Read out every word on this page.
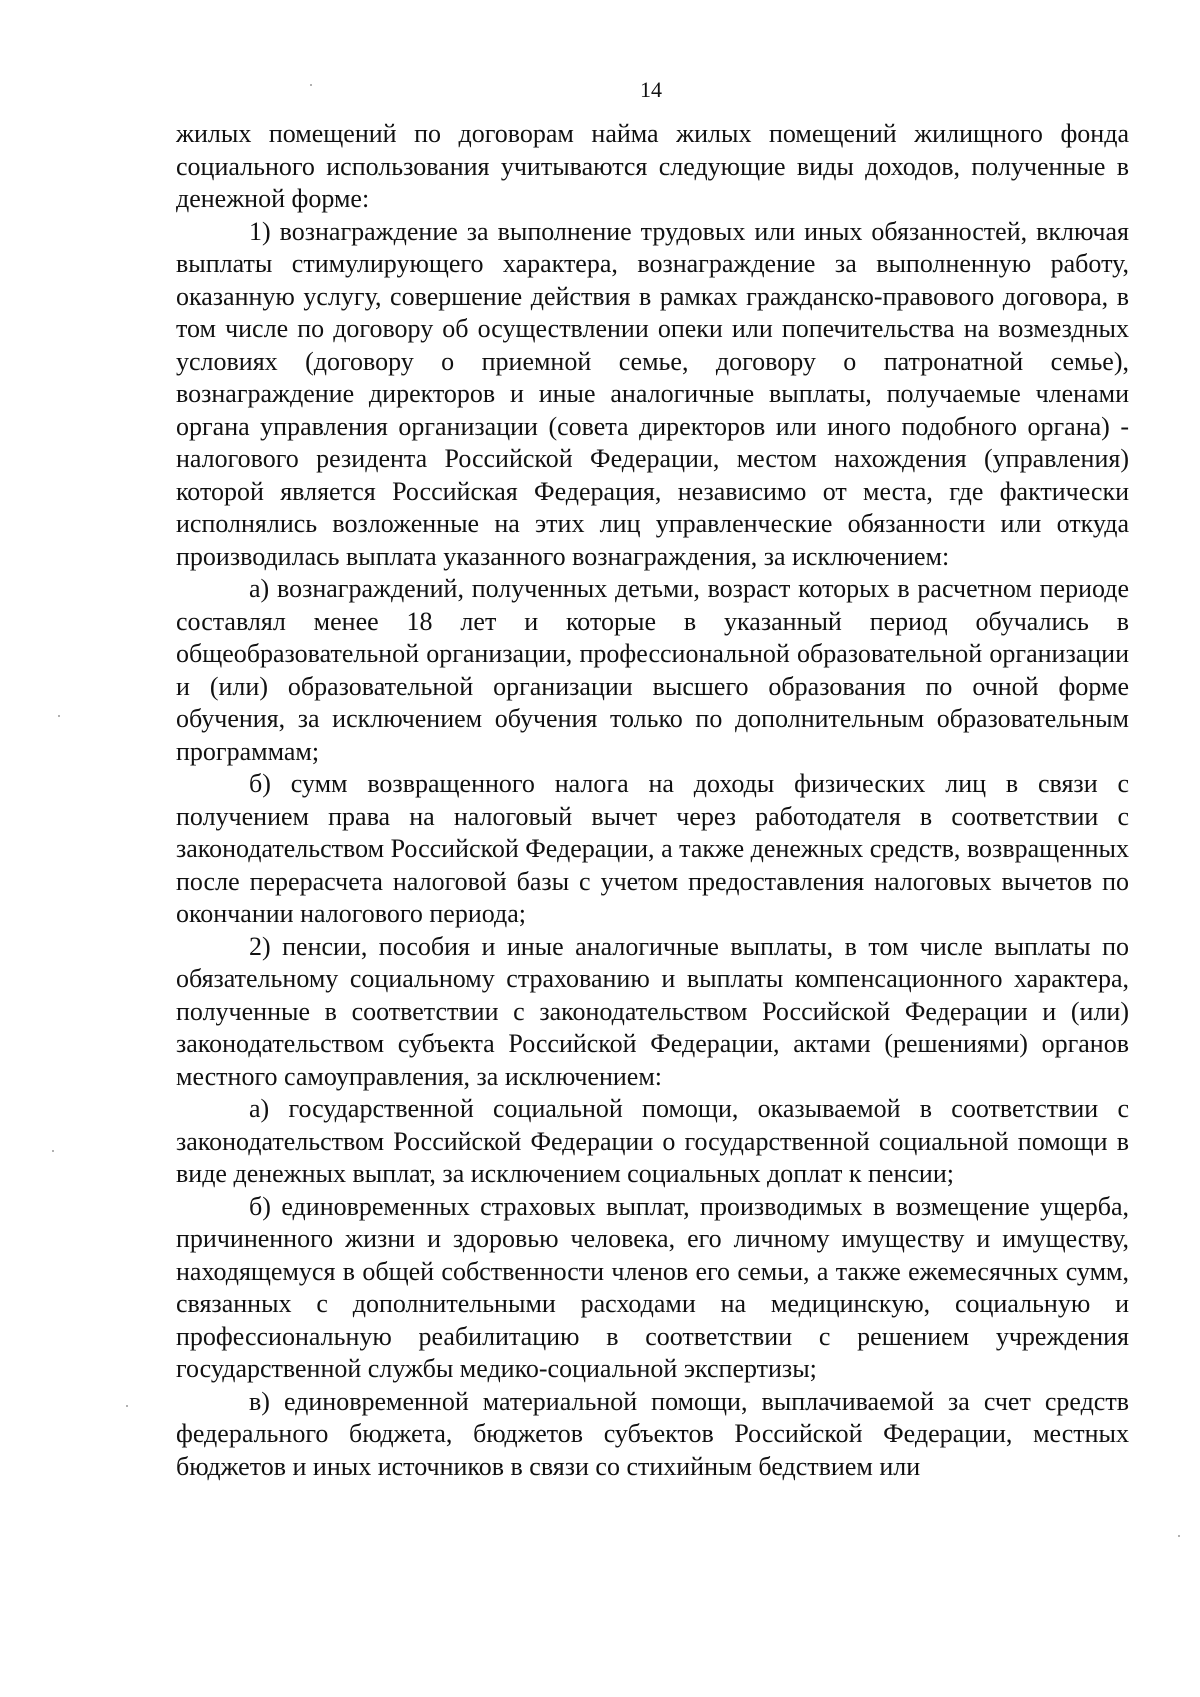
14

жилых помещений по договорам найма жилых помещений жилищного фонда социального использования учитываются следующие виды доходов, полученные в денежной форме:

1) вознаграждение за выполнение трудовых или иных обязанностей, включая выплаты стимулирующего характера, вознаграждение за выполненную работу, оказанную услугу, совершение действия в рамках гражданско-правового договора, в том числе по договору об осуществлении опеки или попечительства на возмездных условиях (договору о приемной семье, договору о патронатной семье), вознаграждение директоров и иные аналогичные выплаты, получаемые членами органа управления организации (совета директоров или иного подобного органа) - налогового резидента Российской Федерации, местом нахождения (управления) которой является Российская Федерация, независимо от места, где фактически исполнялись возложенные на этих лиц управленческие обязанности или откуда производилась выплата указанного вознаграждения, за исключением:

а) вознаграждений, полученных детьми, возраст которых в расчетном периоде составлял менее 18 лет и которые в указанный период обучались в общеобразовательной организации, профессиональной образовательной организации и (или) образовательной организации высшего образования по очной форме обучения, за исключением обучения только по дополнительным образовательным программам;

б) сумм возвращенного налога на доходы физических лиц в связи с получением права на налоговый вычет через работодателя в соответствии с законодательством Российской Федерации, а также денежных средств, возвращенных после перерасчета налоговой базы с учетом предоставления налоговых вычетов по окончании налогового периода;

2) пенсии, пособия и иные аналогичные выплаты, в том числе выплаты по обязательному социальному страхованию и выплаты компенсационного характера, полученные в соответствии с законодательством Российской Федерации и (или) законодательством субъекта Российской Федерации, актами (решениями) органов местного самоуправления, за исключением:

а) государственной социальной помощи, оказываемой в соответствии с законодательством Российской Федерации о государственной социальной помощи в виде денежных выплат, за исключением социальных доплат к пенсии;

б) единовременных страховых выплат, производимых в возмещение ущерба, причиненного жизни и здоровью человека, его личному имуществу и имуществу, находящемуся в общей собственности членов его семьи, а также ежемесячных сумм, связанных с дополнительными расходами на медицинскую, социальную и профессиональную реабилитацию в соответствии с решением учреждения государственной службы медико-социальной экспертизы;

в) единовременной материальной помощи, выплачиваемой за счет средств федерального бюджета, бюджетов субъектов Российской Федерации, местных бюджетов и иных источников в связи со стихийным бедствием или
